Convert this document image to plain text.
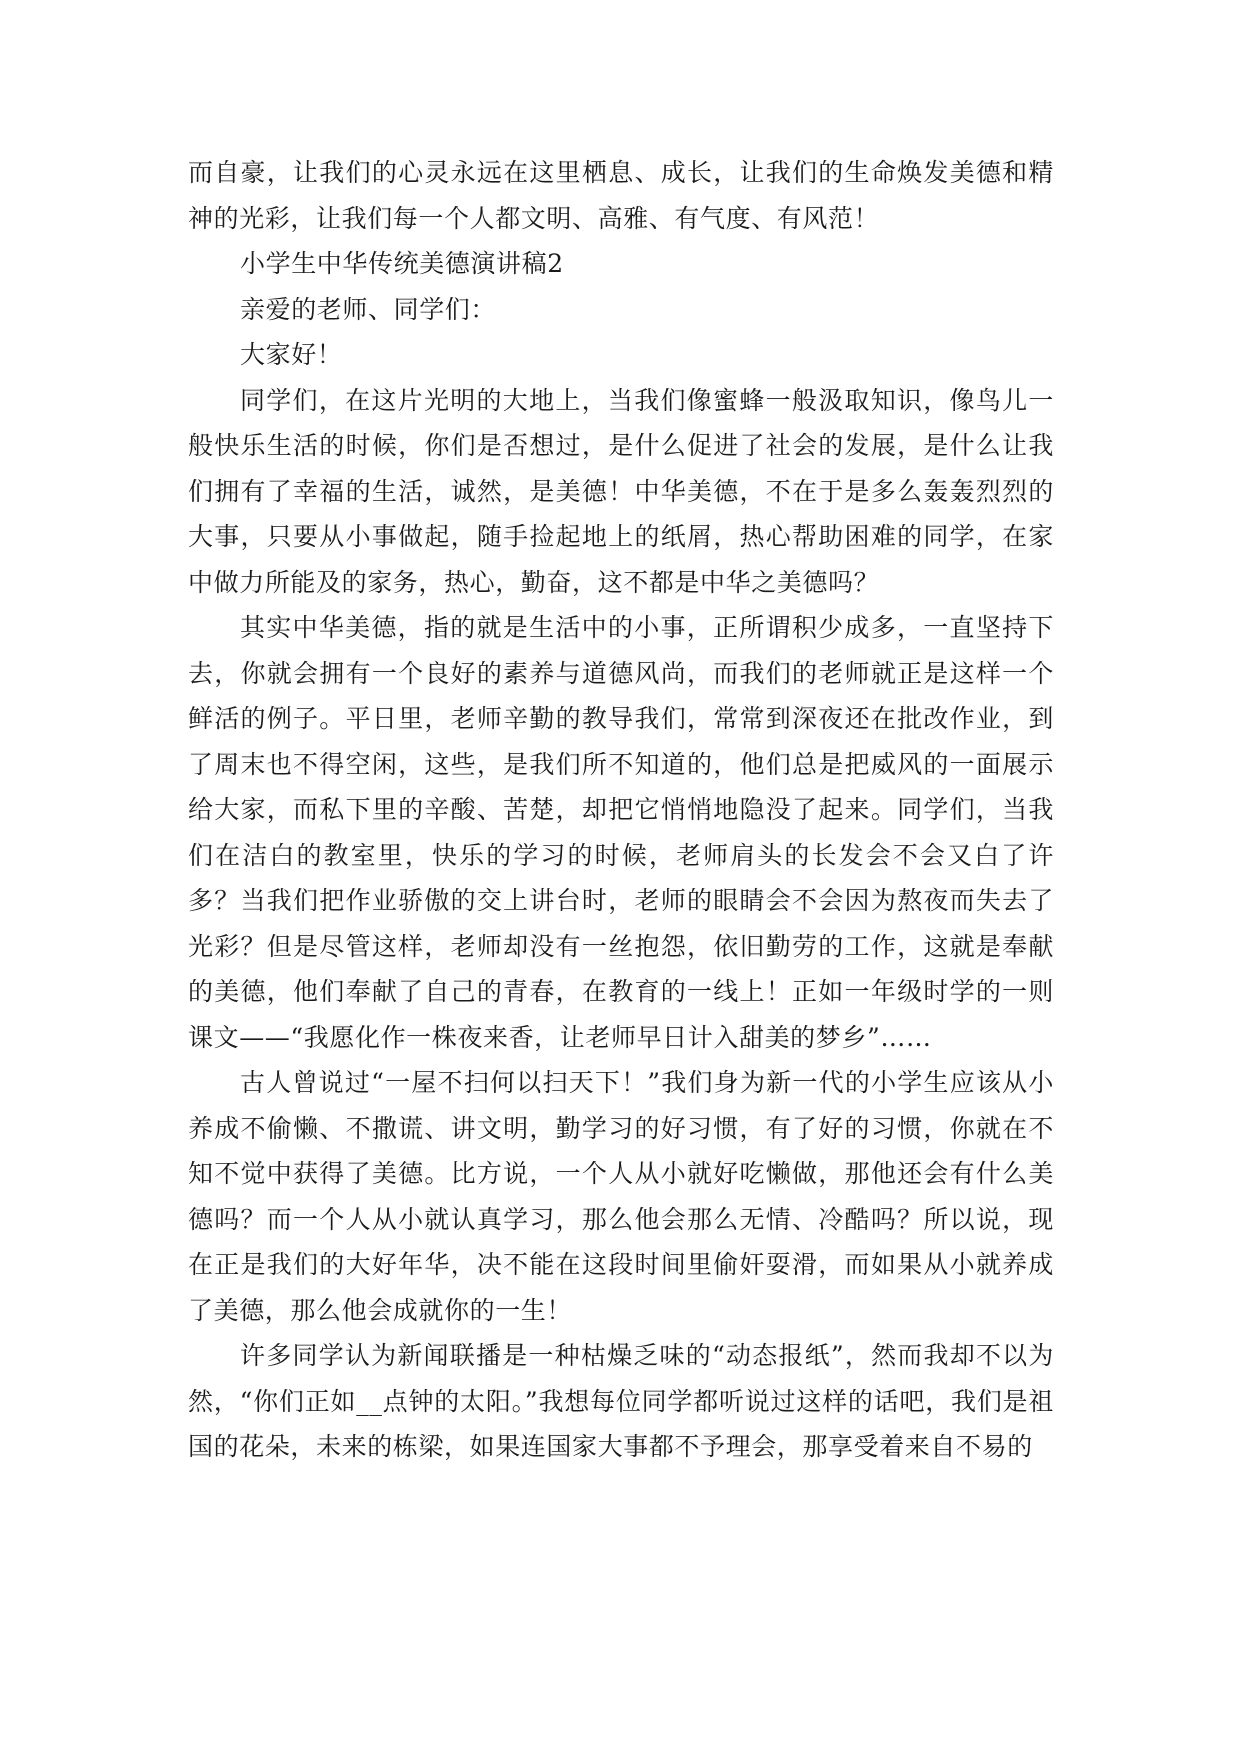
而自豪，让我们的心灵永远在这里栖息、成长，让我们的生命焕发美德和精神的光彩，让我们每一个人都文明、高雅、有气度、有风范！

小学生中华传统美德演讲稿2

亲爱的老师、同学们：

大家好！

同学们，在这片光明的大地上，当我们像蜜蜂一般汲取知识，像鸟儿一般快乐生活的时候，你们是否想过，是什么促进了社会的发展，是什么让我们拥有了幸福的生活，诚然，是美德！中华美德，不在于是多么轰轰烈烈的大事，只要从小事做起，随手捡起地上的纸屑，热心帮助困难的同学，在家中做力所能及的家务，热心，勤奋，这不都是中华之美德吗？

其实中华美德，指的就是生活中的小事，正所谓积少成多，一直坚持下去，你就会拥有一个良好的素养与道德风尚，而我们的老师就正是这样一个鲜活的例子。平日里，老师辛勤的教导我们，常常到深夜还在批改作业，到了周末也不得空闲，这些，是我们所不知道的，他们总是把威风的一面展示给大家，而私下里的辛酸、苦楚，却把它悄悄地隐没了起来。同学们，当我们在洁白的教室里，快乐的学习的时候，老师肩头的长发会不会又白了许多？当我们把作业骄傲的交上讲台时，老师的眼睛会不会因为熬夜而失去了光彩？但是尽管这样，老师却没有一丝抱怨，依旧勤劳的工作，这就是奉献的美德，他们奉献了自己的青春，在教育的一线上！正如一年级时学的一则课文——“我愿化作一株夜来香，让老师早日计入甜美的梦乡”……

古人曾说过“一屋不扫何以扫天下！”我们身为新一代的小学生应该从小养成不偷懒、不撒谎、讲文明，勤学习的好习惯，有了好的习惯，你就在不知不觉中获得了美德。比方说，一个人从小就好吃懒做，那他还会有什么美德吗？而一个人从小就认真学习，那么他会那么无情、冷酷吗？所以说，现在正是我们的大好年华，决不能在这段时间里偷奸耍滑，而如果从小就养成了美德，那么他会成就你的一生！

许多同学认为新闻联播是一种枯燥乏味的“动态报纸”，然而我却不以为然，“你们正如__点钟的太阳。”我想每位同学都听说过这样的话吧，我们是祖国的花朵，未来的栋梁，如果连国家大事都不予理会，那享受着来自不易的
